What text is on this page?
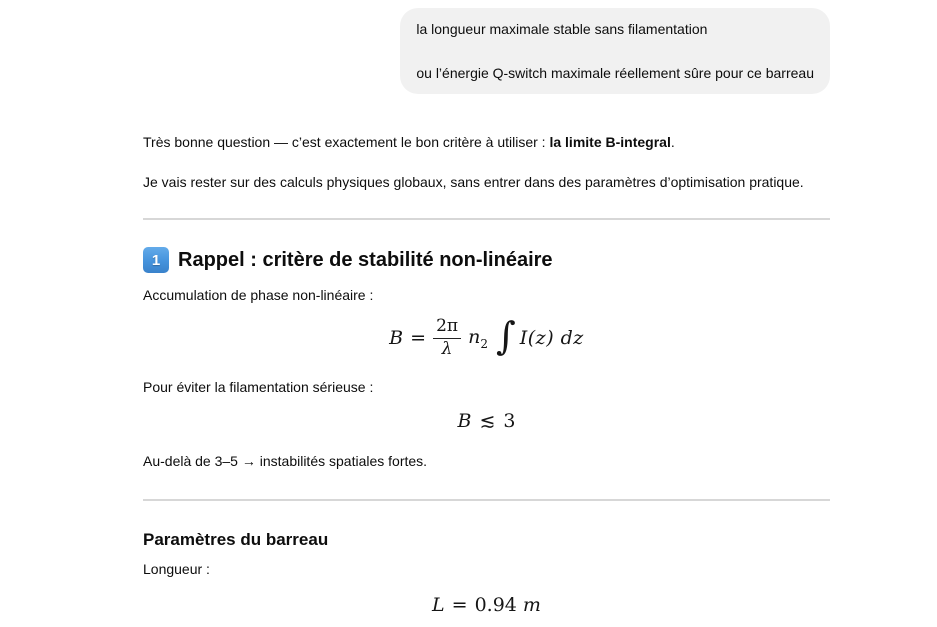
la longueur maximale stable sans filamentation

ou l’énergie Q-switch maximale réellement sûre pour ce barreau

Très bonne question — c’est exactement le bon critère à utiliser : la limite B-integral.

Je vais rester sur des calculs physiques globaux, sans entrer dans des paramètres d’optimisation pratique.

1 Rappel : critère de stabilité non-linéaire

Accumulation de phase non-linéaire :

$B = \frac{2\pi}{\lambda} n_2$ ∫ I(z) dz

Pour éviter la filamentation sérieuse :

B ≲ 3

Au-delà de 3–5 → instabilités spatiales fortes.

Paramètres du barreau

Longueur :

L = 0.94 m
